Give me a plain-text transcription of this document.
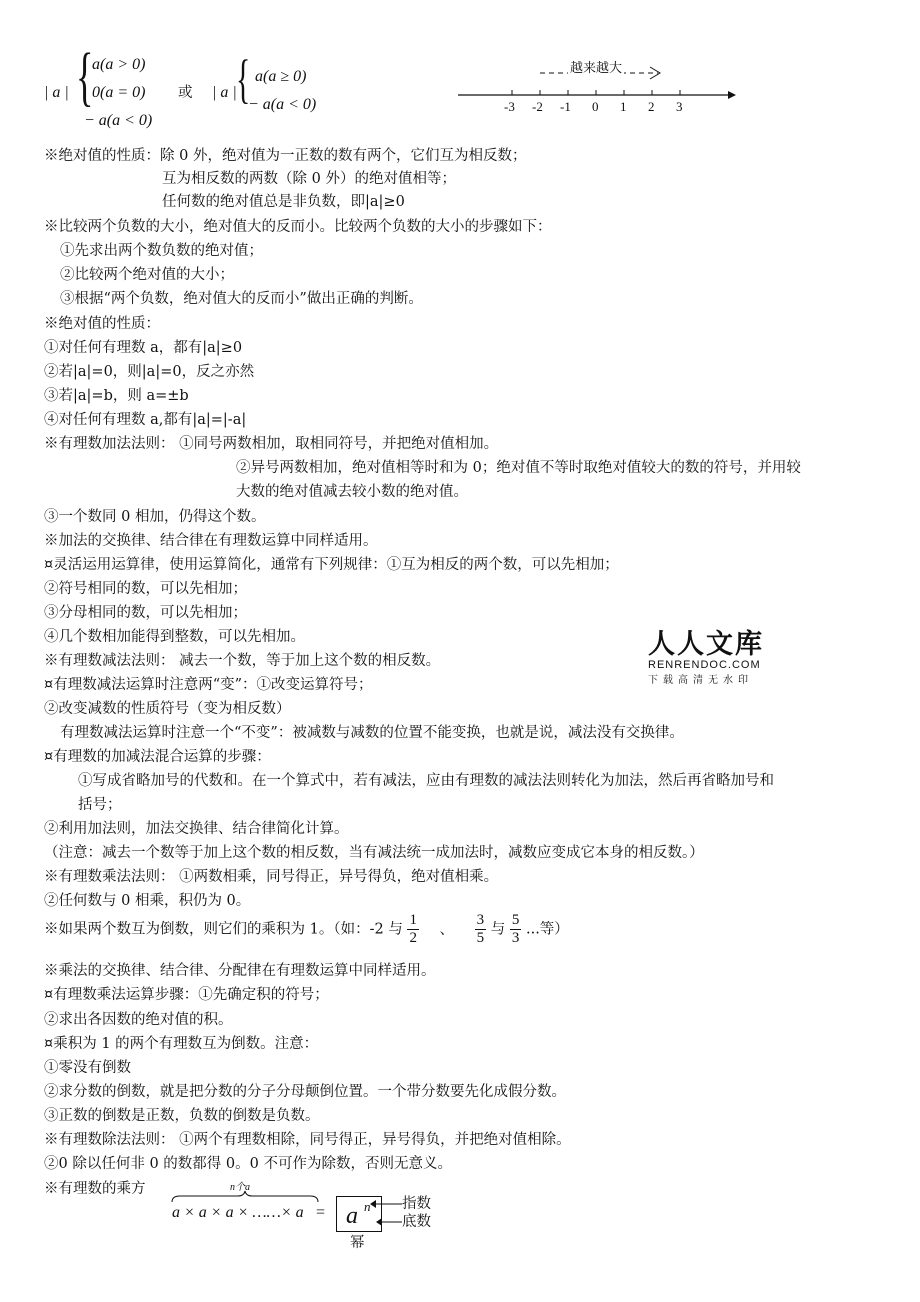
| a | {
a(a > 0)
0(a = 0)
− a(a < 0)
或 | a | { a(a ≥ 0)
− a(a < 0)
越来越大
-3 -2 -1 0 1 2 3
※绝对值的性质：除 0 外，绝对值为一正数的数有两个，它们互为相反数；
互为相反数的两数（除 0 外）的绝对值相等；
任何数的绝对值总是非负数，即|a|≥0
※比较两个负数的大小，绝对值大的反而小。比较两个负数的大小的步骤如下：
①先求出两个数负数的绝对值；
②比较两个绝对值的大小；
③根据“两个负数，绝对值大的反而小”做出正确的判断。
※绝对值的性质：
①对任何有理数 a，都有|a|≥0
②若|a|=0，则|a|=0，反之亦然
③若|a|=b，则 a=±b
④对任何有理数 a,都有|a|=|-a|
※有理数加法法则： ①同号两数相加，取相同符号，并把绝对值相加。
②异号两数相加，绝对值相等时和为 0；绝对值不等时取绝对值较大的数的符号，并用较
大数的绝对值减去较小数的绝对值。
③一个数同 0 相加，仍得这个数。
※加法的交换律、结合律在有理数运算中同样适用。
¤灵活运用运算律，使用运算简化，通常有下列规律：①互为相反的两个数，可以先相加；
②符号相同的数，可以先相加；
③分母相同的数，可以先相加；
④几个数相加能得到整数，可以先相加。
※有理数减法法则： 减去一个数，等于加上这个数的相反数。
¤有理数减法运算时注意两“变”：①改变运算符号；
②改变减数的性质符号（变为相反数）
有理数减法运算时注意一个“不变”：被减数与减数的位置不能变换，也就是说，减法没有交换律。
¤有理数的加减法混合运算的步骤：
①写成省略加号的代数和。在一个算式中，若有减法，应由有理数的减法法则转化为加法，然后再省略加号和
括号；
②利用加法则，加法交换律、结合律简化计算。
（注意：减去一个数等于加上这个数的相反数，当有减法统一成加法时，减数应变成它本身的相反数。）
※有理数乘法法则： ①两数相乘，同号得正，异号得负，绝对值相乘。
②任何数与 0 相乘，积仍为 0。
※如果两个数互为倒数，则它们的乘积为 1。（如：-2 与 $\frac{1}{2}$ 、 $\frac{3}{5}$ 与 $\frac{5}{3}$ ...等）
※乘法的交换律、结合律、分配律在有理数运算中同样适用。
¤有理数乘法运算步骤：①先确定积的符号；
②求出各因数的绝对值的积。
¤乘积为 1 的两个有理数互为倒数。注意：
①零没有倒数
②求分数的倒数，就是把分数的分子分母颠倒位置。一个带分数要先化成假分数。
③正数的倒数是正数，负数的倒数是负数。
※有理数除法法则： ①两个有理数相除，同号得正，异号得负，并把绝对值相除。
②0 除以任何非 0 的数都得 0。0 不可作为除数，否则无意义。
※有理数的乘方	n个a
a × a × a × ……× a = a n 指数
底数
幂
人人文库
RENRENDOC.COM
下载高清无水印
